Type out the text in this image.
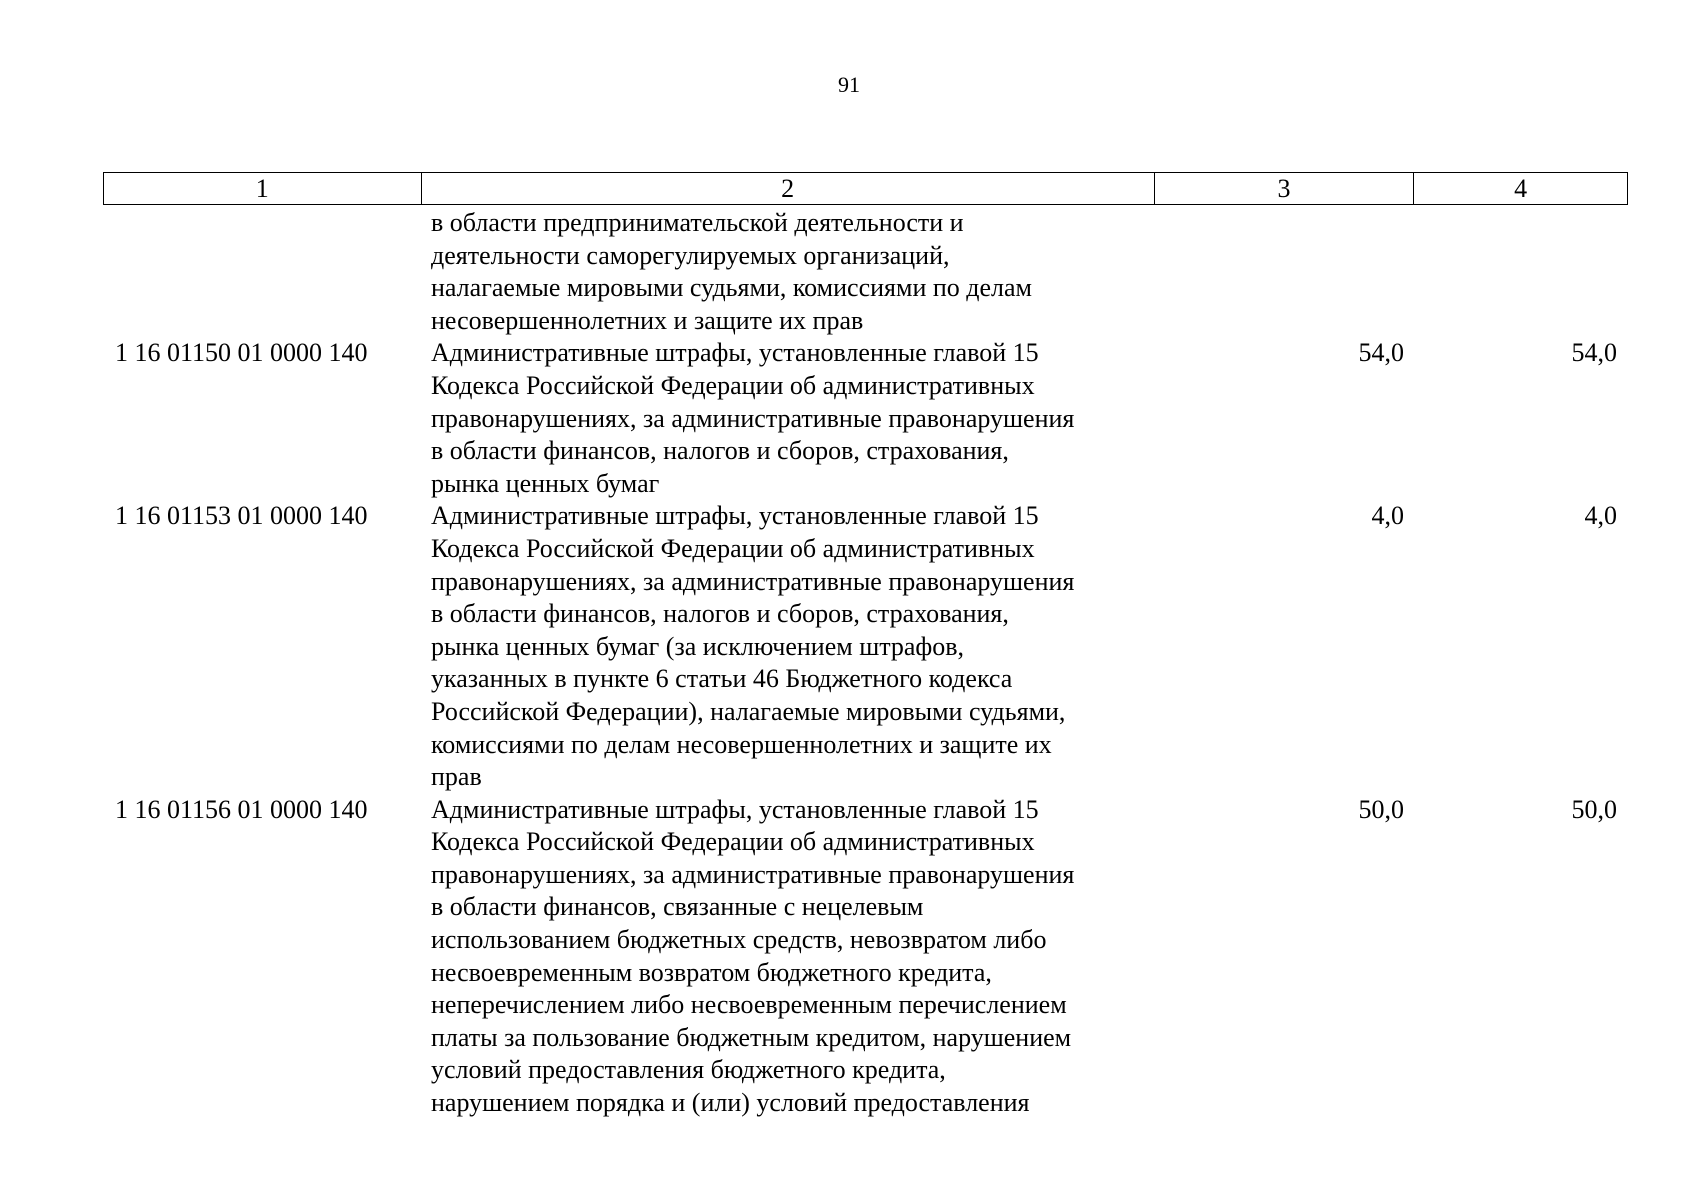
91
1	2	3	4
в области предпринимательской деятельности и
деятельности саморегулируемых организаций,
налагаемые мировыми судьями, комиссиями по делам
несовершеннолетних и защите их прав
1 16 01150 01 0000 140	Административные штрафы, установленные главой 15
Кодекса Российской Федерации об административных
правонарушениях, за административные правонарушения
в области финансов, налогов и сборов, страхования,
рынка ценных бумаг
54,0	54,0
1 16 01153 01 0000 140	Административные штрафы, установленные главой 15
Кодекса Российской Федерации об административных
правонарушениях, за административные правонарушения
в области финансов, налогов и сборов, страхования,
рынка ценных бумаг (за исключением штрафов,
указанных в пункте 6 статьи 46 Бюджетного кодекса
Российской Федерации), налагаемые мировыми судьями,
комиссиями по делам несовершеннолетних и защите их
прав
4,0	4,0
1 16 01156 01 0000 140	Административные штрафы, установленные главой 15
Кодекса Российской Федерации об административных
правонарушениях, за административные правонарушения
в области финансов, связанные с нецелевым
использованием бюджетных средств, невозвратом либо
несвоевременным возвратом бюджетного кредита,
неперечислением либо несвоевременным перечислением
платы за пользование бюджетным кредитом, нарушением
условий предоставления бюджетного кредита,
нарушением порядка и (или) условий предоставления
50,0	50,0
